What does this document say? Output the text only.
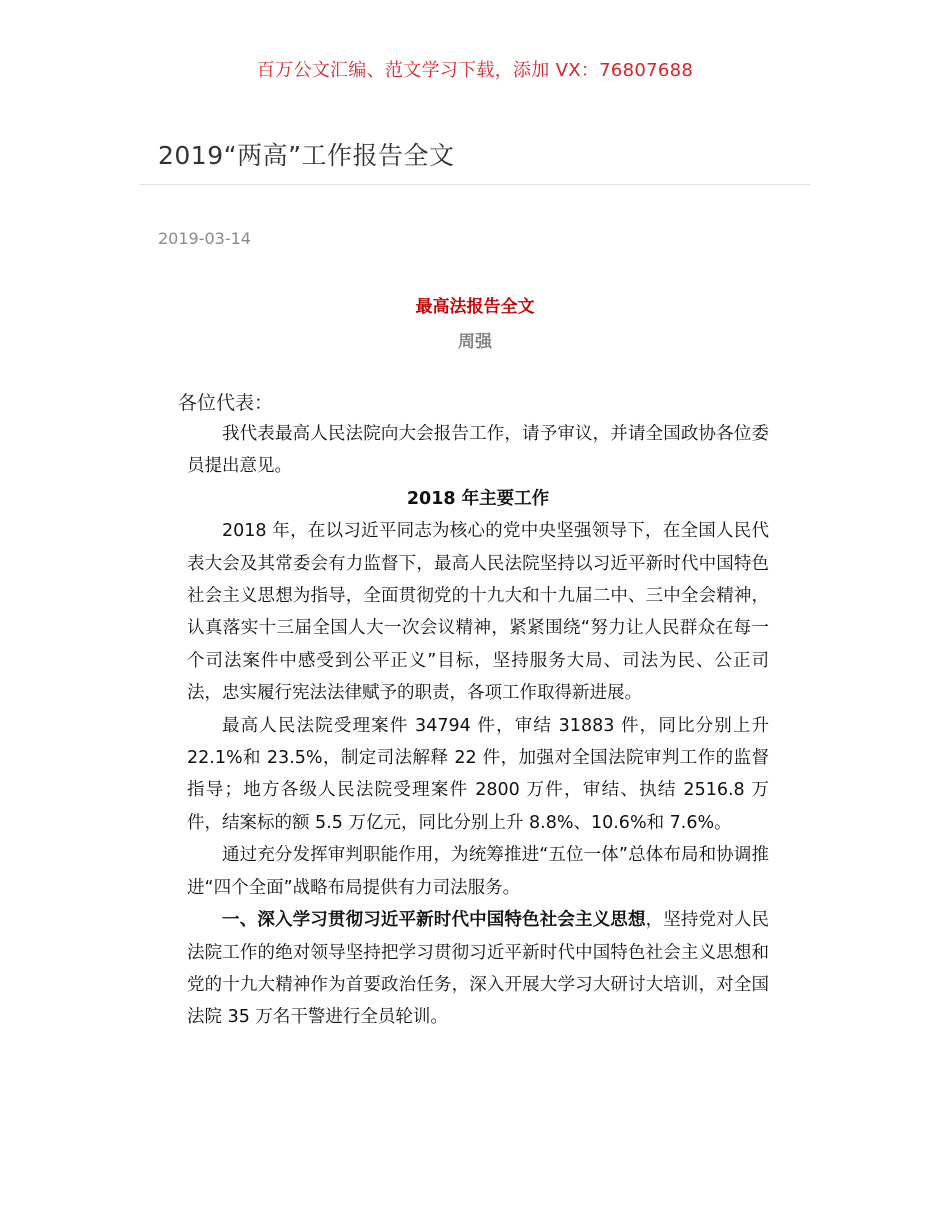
百万公文汇编、范文学习下载，添加 VX：76807688
2019“两高”工作报告全文
2019-03-14
最高法报告全文
周强
各位代表：

我代表最高人民法院向大会报告工作，请予审议，并请全国政协各位委员提出意见。

2018 年主要工作

2018 年，在以习近平同志为核心的党中央坚强领导下，在全国人民代表大会及其常委会有力监督下，最高人民法院坚持以习近平新时代中国特色社会主义思想为指导，全面贯彻党的十九大和十九届二中、三中全会精神，认真落实十三届全国人大一次会议精神，紧紧围绕“努力让人民群众在每一个司法案件中感受到公平正义”目标，坚持服务大局、司法为民、公正司法，忠实履行宪法法律赋予的职责，各项工作取得新进展。

最高人民法院受理案件 34794 件，审结 31883 件，同比分别上升 22.1%和 23.5%，制定司法解释 22 件，加强对全国法院审判工作的监督指导；地方各级人民法院受理案件 2800 万件，审结、执结 2516.8 万件，结案标的额 5.5 万亿元，同比分别上升 8.8%、10.6%和 7.6%。

通过充分发挥审判职能作用，为统筹推进“五位一体”总体布局和协调推进“四个全面”战略布局提供有力司法服务。

一、深入学习贯彻习近平新时代中国特色社会主义思想，坚持党对人民法院工作的绝对领导坚持把学习贯彻习近平新时代中国特色社会主义思想和党的十九大精神作为首要政治任务，深入开展大学习大研讨大培训，对全国法院 35 万名干警进行全员轮训。
